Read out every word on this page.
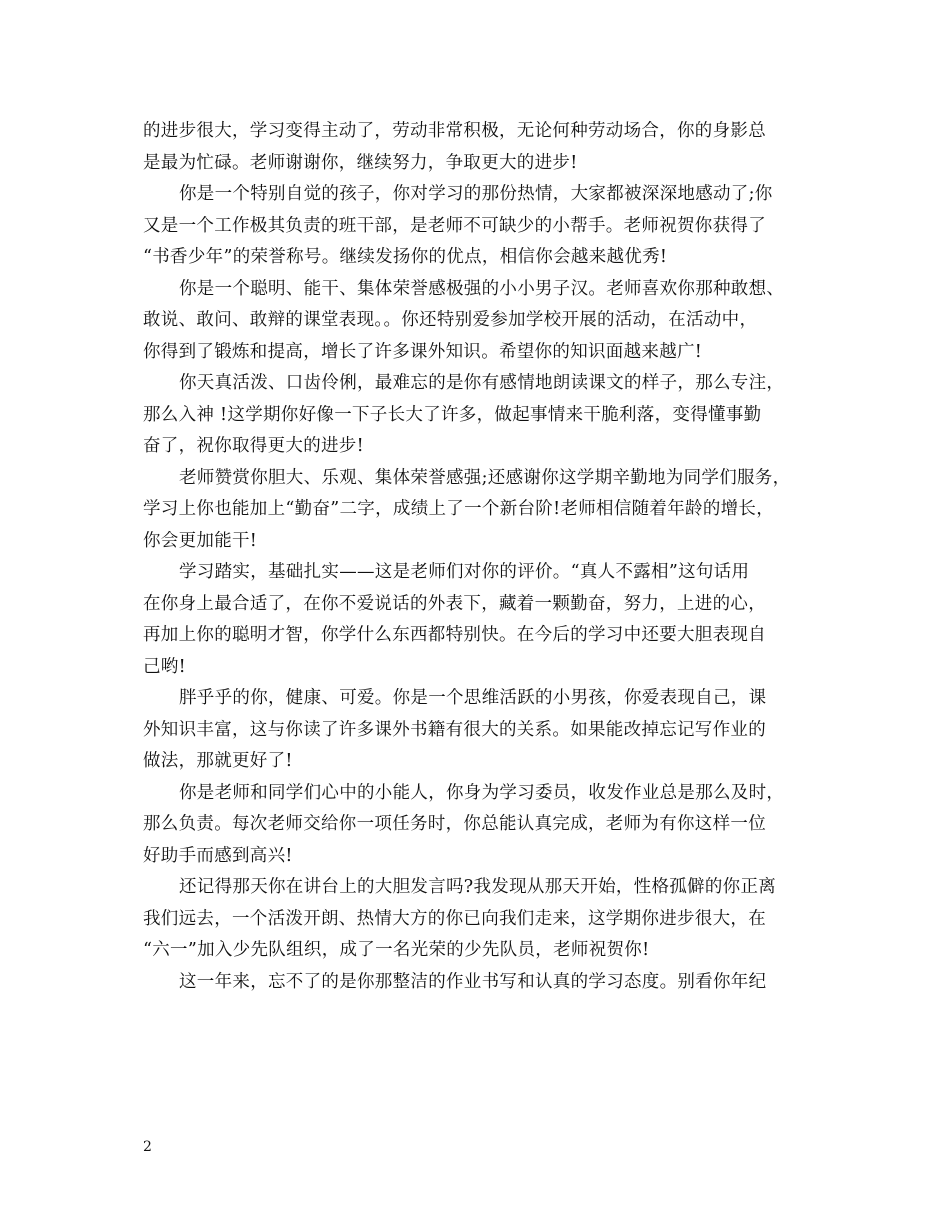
的进步很大，学习变得主动了，劳动非常积极，无论何种劳动场合，你的身影总
是最为忙碌。老师谢谢你，继续努力，争取更大的进步!
你是一个特别自觉的孩子，你对学习的那份热情，大家都被深深地感动了;你
又是一个工作极其负责的班干部，是老师不可缺少的小帮手。老师祝贺你获得了
“书香少年”的荣誉称号。继续发扬你的优点，相信你会越来越优秀!
你是一个聪明、能干、集体荣誉感极强的小小男子汉。老师喜欢你那种敢想、
敢说、敢问、敢辩的课堂表现。。你还特别爱参加学校开展的活动，在活动中，
你得到了锻炼和提高，增长了许多课外知识。希望你的知识面越来越广!
你天真活泼、口齿伶俐，最难忘的是你有感情地朗读课文的样子，那么专注，
那么入神 !这学期你好像一下子长大了许多，做起事情来干脆利落，变得懂事勤
奋了，祝你取得更大的进步!
老师赞赏你胆大、乐观、集体荣誉感强;还感谢你这学期辛勤地为同学们服务，
学习上你也能加上“勤奋”二字，成绩上了一个新台阶!老师相信随着年龄的增长，
你会更加能干!
学习踏实，基础扎实——这是老师们对你的评价。“真人不露相”这句话用
在你身上最合适了，在你不爱说话的外表下，藏着一颗勤奋，努力，上进的心，
再加上你的聪明才智，你学什么东西都特别快。在今后的学习中还要大胆表现自
己哟!
胖乎乎的你，健康、可爱。你是一个思维活跃的小男孩，你爱表现自己，课
外知识丰富，这与你读了许多课外书籍有很大的关系。如果能改掉忘记写作业的
做法，那就更好了!
你是老师和同学们心中的小能人，你身为学习委员，收发作业总是那么及时，
那么负责。每次老师交给你一项任务时，你总能认真完成，老师为有你这样一位
好助手而感到高兴!
还记得那天你在讲台上的大胆发言吗?我发现从那天开始，性格孤僻的你正离
我们远去，一个活泼开朗、热情大方的你已向我们走来，这学期你进步很大，在
“六一”加入少先队组织，成了一名光荣的少先队员，老师祝贺你!
这一年来，忘不了的是你那整洁的作业书写和认真的学习态度。别看你年纪
2
